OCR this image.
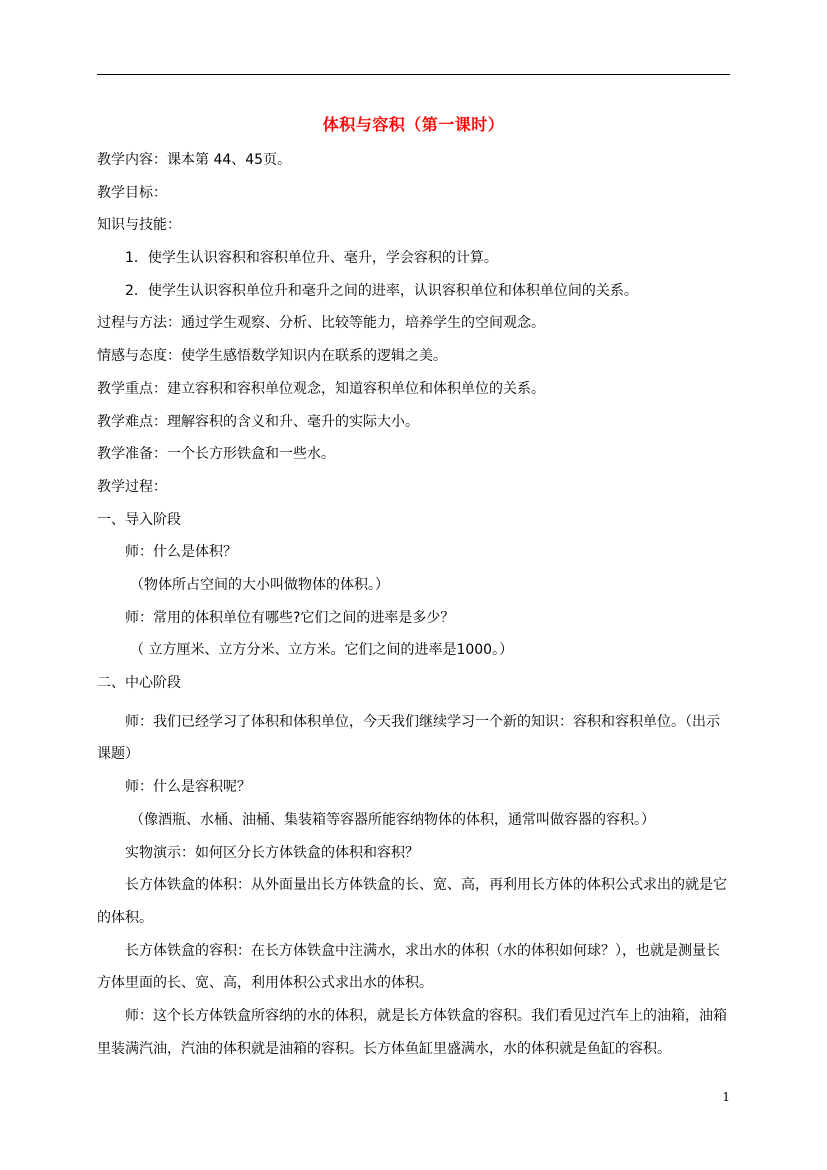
体积与容积（第一课时）
教学内容：课本第 44、45页。
教学目标：
知识与技能：
1．使学生认识容积和容积单位升、毫升，学会容积的计算。
2．使学生认识容积单位升和毫升之间的进率，认识容积单位和体积单位间的关系。
过程与方法：通过学生观察、分析、比较等能力，培养学生的空间观念。
情感与态度：使学生感悟数学知识内在联系的逻辑之美。
教学重点：建立容积和容积单位观念，知道容积单位和体积单位的关系。
教学难点：理解容积的含义和升、毫升的实际大小。
教学准备：一个长方形铁盒和一些水。
教学过程：
一、导入阶段
师：什么是体积？
（物体所占空间的大小叫做物体的体积。）
师：常用的体积单位有哪些?它们之间的进率是多少？
（ 立方厘米、立方分米、立方米。它们之间的进率是1000。）
二、中心阶段
师：我们已经学习了体积和体积单位，今天我们继续学习一个新的知识：容积和容积单位。（出示课题）
师：什么是容积呢？
（像酒瓶、水桶、油桶、集装箱等容器所能容纳物体的体积，通常叫做容器的容积。）
实物演示：如何区分长方体铁盒的体积和容积？
长方体铁盒的体积：从外面量出长方体铁盒的长、宽、高，再利用长方体的体积公式求出的就是它的体积。
长方体铁盒的容积：在长方体铁盒中注满水，求出水的体积（水的体积如何球？），也就是测量长方体里面的长、宽、高，利用体积公式求出水的体积。
师：这个长方体铁盒所容纳的水的体积，就是长方体铁盒的容积。我们看见过汽车上的油箱，油箱里装满汽油，汽油的体积就是油箱的容积。长方体鱼缸里盛满水，水的体积就是鱼缸的容积。
1
